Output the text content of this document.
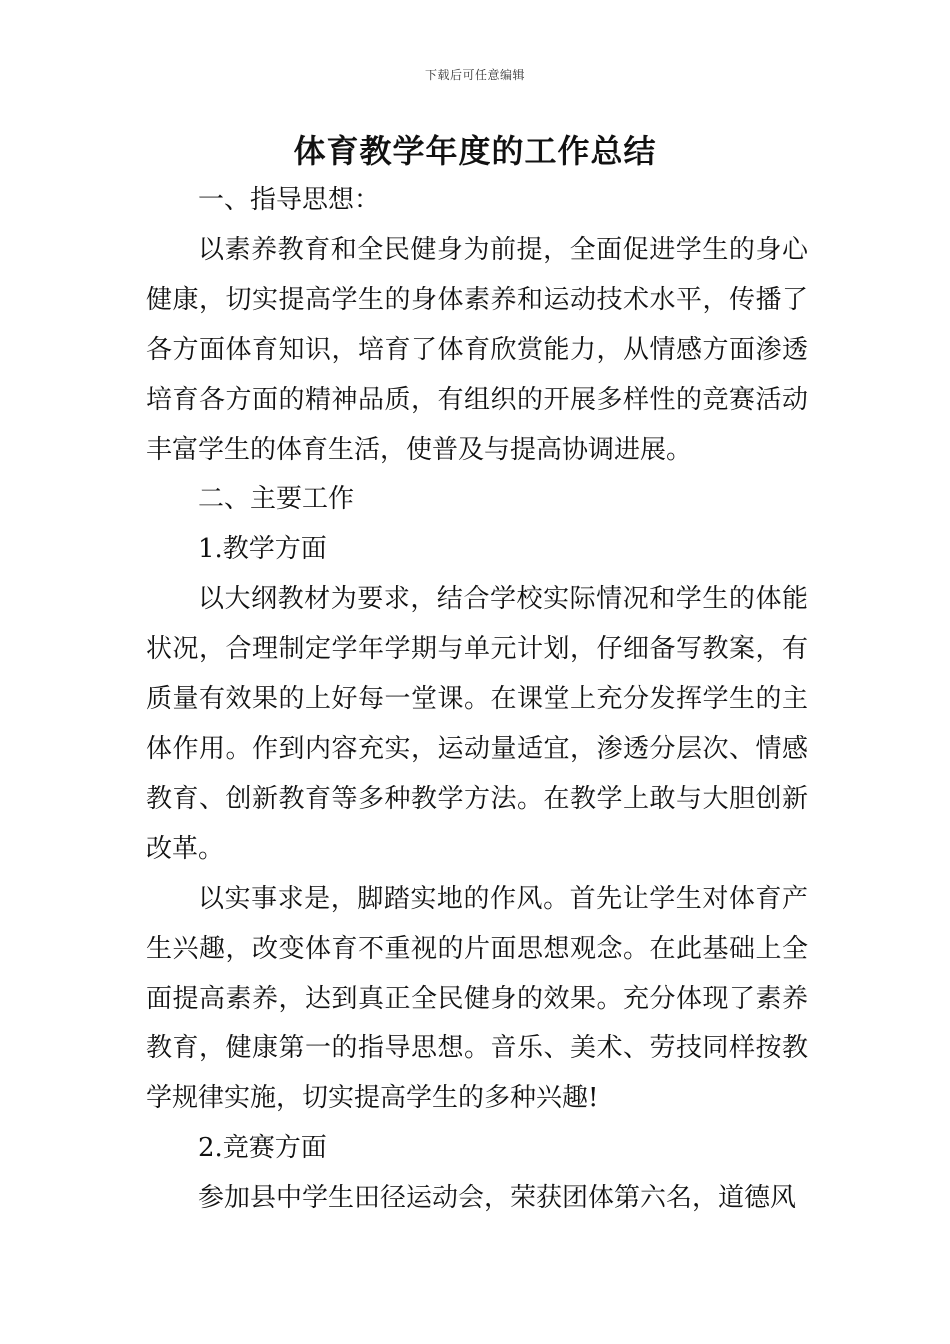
下载后可任意编辑
体育教学年度的工作总结

一、指导思想：

以素养教育和全民健身为前提，全面促进学生的身心健康，切实提高学生的身体素养和运动技术水平，传播了各方面体育知识，培育了体育欣赏能力，从情感方面渗透培育各方面的精神品质，有组织的开展多样性的竞赛活动丰富学生的体育生活，使普及与提高协调进展。

二、主要工作

1.教学方面

以大纲教材为要求，结合学校实际情况和学生的体能状况，合理制定学年学期与单元计划，仔细备写教案，有质量有效果的上好每一堂课。在课堂上充分发挥学生的主体作用。作到内容充实，运动量适宜，渗透分层次、情感教育、创新教育等多种教学方法。在教学上敢与大胆创新改革。

以实事求是，脚踏实地的作风。首先让学生对体育产生兴趣，改变体育不重视的片面思想观念。在此基础上全面提高素养，达到真正全民健身的效果。充分体现了素养教育，健康第一的指导思想。音乐、美术、劳技同样按教学规律实施，切实提高学生的多种兴趣!

2.竞赛方面

参加县中学生田径运动会，荣获团体第六名，道德风
